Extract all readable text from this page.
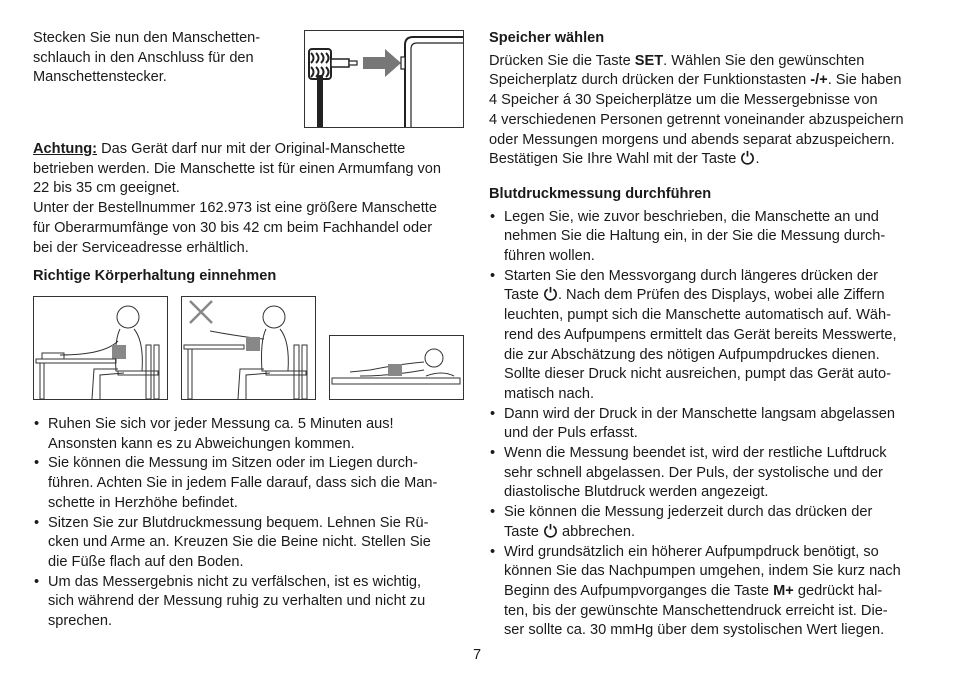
Stecken Sie nun den Manschetten-

schlauch in den Anschluss für den

Manschettenstecker.

Achtung: Das Gerät darf nur mit der Original-Manschette

betrieben werden. Die Manschette ist für einen Armumfang von

22 bis 35 cm geeignet.

Unter der Bestellnummer 162.973 ist eine größere Manschette

für Oberarmumfänge von 30 bis 42 cm beim Fachhandel oder

bei der Serviceadresse erhältlich.

Richtige Körperhaltung einnehmen

• Ruhen Sie sich vor jeder Messung ca. 5 Minuten aus!

Ansonsten kann es zu Abweichungen kommen.

• Sie können die Messung im Sitzen oder im Liegen durch-

führen. Achten Sie in jedem Falle darauf, dass sich die Man-

schette in Herzhöhe befindet.

• Sitzen Sie zur Blutdruckmessung bequem. Lehnen Sie Rü-

cken und Arme an. Kreuzen Sie die Beine nicht. Stellen Sie

die Füße flach auf den Boden.

• Um das Messergebnis nicht zu verfälschen, ist es wichtig,

sich während der Messung ruhig zu verhalten und nicht zu

sprechen.

Speicher wählen

Drücken Sie die Taste SET. Wählen Sie den gewünschten

Speicherplatz durch drücken der Funktionstasten -/+. Sie haben

4 Speicher á 30 Speicherplätze um die Messergebnisse von

4 verschiedenen Personen getrennt voneinander abzuspeichern

oder Messungen morgens und abends separat abzuspeichern.

Bestätigen Sie Ihre Wahl mit der Taste .

Blutdruckmessung durchführen

• Legen Sie, wie zuvor beschrieben, die Manschette an und

nehmen Sie die Haltung ein, in der Sie die Messung durch-

führen wollen.

• Starten Sie den Messvorgang durch längeres drücken der

Taste . Nach dem Prüfen des Displays, wobei alle Ziffern

leuchten, pumpt sich die Manschette automatisch auf. Wäh-

rend des Aufpumpens ermittelt das Gerät bereits Messwerte,

die zur Abschätzung des nötigen Aufpumpdruckes dienen.

Sollte dieser Druck nicht ausreichen, pumpt das Gerät auto-

matisch nach.

• Dann wird der Druck in der Manschette langsam abgelassen

und der Puls erfasst.

• Wenn die Messung beendet ist, wird der restliche Luftdruck

sehr schnell abgelassen. Der Puls, der systolische und der

diastolische Blutdruck werden angezeigt.

• Sie können die Messung jederzeit durch das drücken der

Taste  abbrechen.

• Wird grundsätzlich ein höherer Aufpumpdruck benötigt, so

können Sie das Nachpumpen umgehen, indem Sie kurz nach

Beginn des Aufpumpvorganges die Taste M+ gedrückt hal-

ten, bis der gewünschte Manschettendruck erreicht ist. Die-

ser sollte ca. 30 mmHg über dem systolischen Wert liegen.

7
